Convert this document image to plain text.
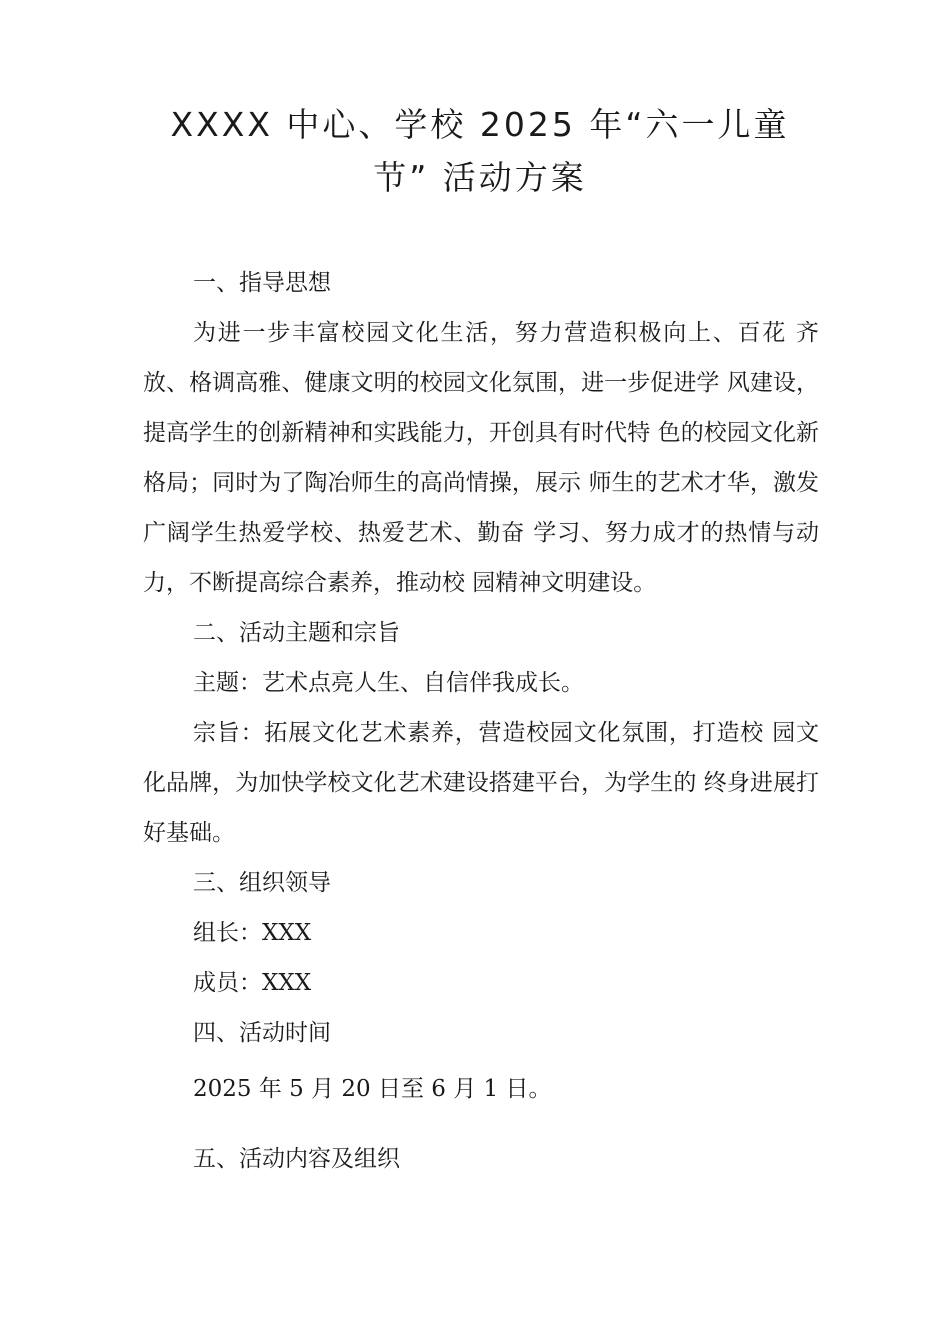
XXXX 中心、学校 2025 年“六一儿童
节” 活动方案

一、指导思想

为进一步丰富校园文化生活，努力营造积极向上、百花 齐放、格调高雅、健康文明的校园文化氛围，进一步促进学 风建设，提高学生的创新精神和实践能力，开创具有时代特 色的校园文化新格局；同时为了陶冶师生的高尚情操，展示 师生的艺术才华，激发广阔学生热爱学校、热爱艺术、勤奋 学习、努力成才的热情与动力，不断提高综合素养，推动校 园精神文明建设。

二、活动主题和宗旨

主题：艺术点亮人生、自信伴我成长。

宗旨：拓展文化艺术素养，营造校园文化氛围，打造校 园文化品牌，为加快学校文化艺术建设搭建平台，为学生的 终身进展打好基础。

三、组织领导

组长：XXX

成员：XXX

四、活动时间

2025 年 5 月 20 日至 6 月 1 日。

五、活动内容及组织
